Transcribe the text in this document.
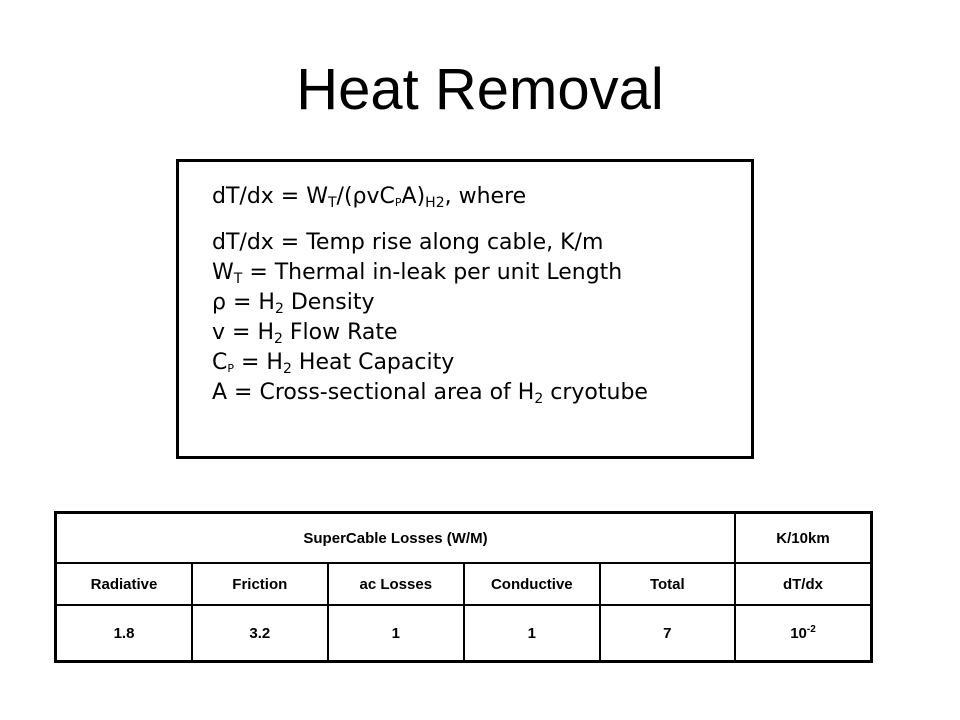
Heat Removal
$dT/dx = W_T/(\rho vC_PA)_{H2}$, where
dT/dx = Temp rise along cable, K/m
$W_T$ = Thermal in-leak per unit Length
$\rho = H_2$ Density
$v = H_2$ Flow Rate
$C_P = H_2$ Heat Capacity
A = Cross-sectional area of $H_2$ cryotube
SuperCable Losses (W/M)					K/10km
Radiative	Friction	ac Losses	Conductive	Total	dT/dx
1.8	3.2	1	1	7	$10^{-2}$
